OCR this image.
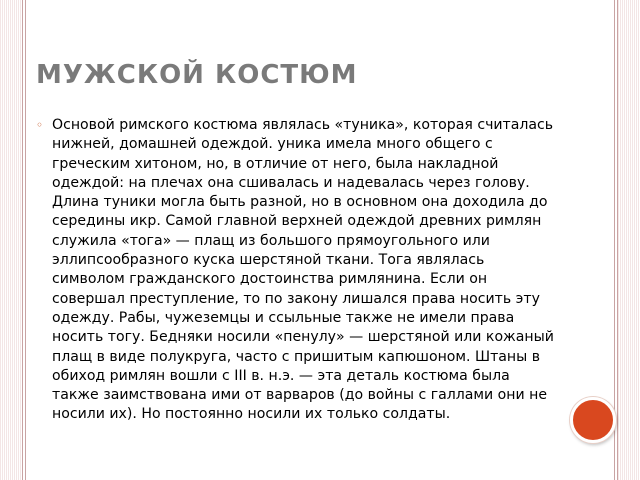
МУЖСКОЙ КОСТЮМ
◦ Основой римского костюма являлась «туника», которая считалась нижней, домашней одеждой. уника имела много общего с греческим хитоном, но, в отличие от него, была накладной одеждой: на плечах она сшивалась и надевалась через голову. Длина туники могла быть разной, но в основном она доходила до середины икр. Самой главной верхней одеждой древних римлян служила «тога» — плащ из большого прямоугольного или эллипсообразного куска шерстяной ткани. Тога являлась символом гражданского достоинства римлянина. Если он совершал преступление, то по закону лишался права носить эту одежду. Рабы, чужеземцы и ссыльные также не имели права носить тогу. Бедняки носили «пенулу» — шерстяной или кожаный плащ в виде полукруга, часто с пришитым капюшоном. Штаны в обиход римлян вошли с III в. н.э. — эта деталь костюма была также заимствована ими от варваров (до войны с галлами они не носили их). Но постоянно носили их только солдаты.
